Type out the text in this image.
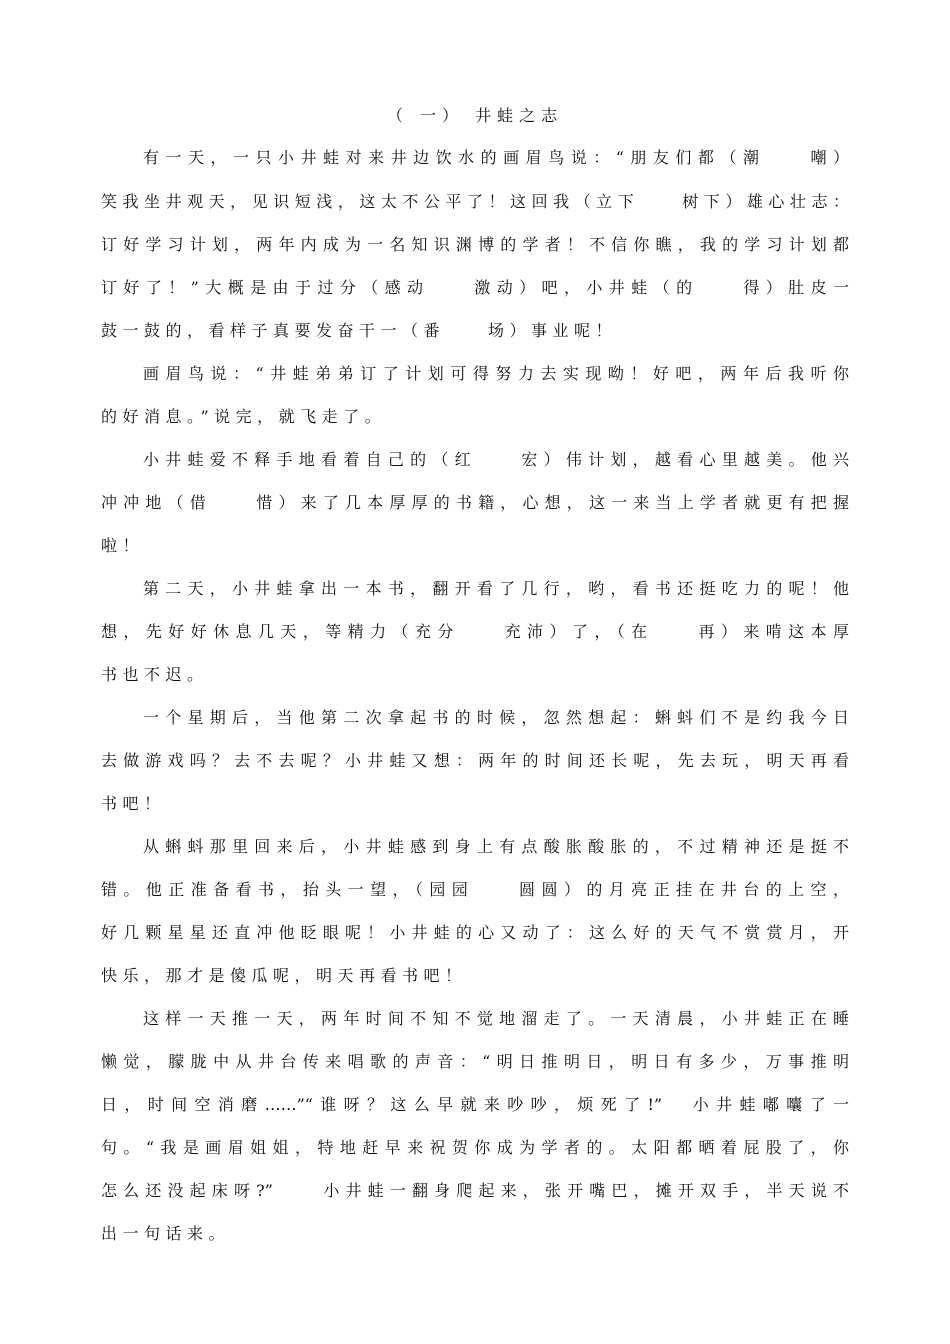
（ 一） 井蛙之志
有一天，一只小井蛙对来井边饮水的画眉鸟说：“朋友们都（潮　　嘲）
笑我坐井观天，见识短浅，这太不公平了！这回我（立下　　树下）雄心壮志：
订好学习计划，两年内成为一名知识渊博的学者！不信你瞧，我的学习计划都
订好了！”大概是由于过分（感动　　激动）吧，小井蛙（的　　得）肚皮一
鼓一鼓的，看样子真要发奋干一（番　　场）事业呢！
画眉鸟说：“井蛙弟弟订了计划可得努力去实现呦！好吧，两年后我听你
的好消息。”说完，就飞走了。
小井蛙爱不释手地看着自己的（红　　宏）伟计划，越看心里越美。他兴
冲冲地（借　　惜）来了几本厚厚的书籍，心想，这一来当上学者就更有把握
啦！
第二天，小井蛙拿出一本书，翻开看了几行，哟，看书还挺吃力的呢！他
想，先好好休息几天，等精力（充分　　充沛）了，（在　　再）来啃这本厚
书也不迟。
一个星期后，当他第二次拿起书的时候，忽然想起：蝌蚪们不是约我今日
去做游戏吗？去不去呢？小井蛙又想：两年的时间还长呢，先去玩，明天再看
书吧！
从蝌蚪那里回来后，小井蛙感到身上有点酸胀酸胀的，不过精神还是挺不
错。他正准备看书，抬头一望，（园园　　圆圆）的月亮正挂在井台的上空，
好几颗星星还直冲他眨眼呢！小井蛙的心又动了：这么好的天气不赏赏月，开
快乐，那才是傻瓜呢，明天再看书吧！
这样一天推一天，两年时间不知不觉地溜走了。一天清晨，小井蛙正在睡
懒觉，朦胧中从井台传来唱歌的声音：“明日推明日，明日有多少，万事推明
日，时间空消磨……”“谁呀？这么早就来吵吵，烦死了!”　小井蛙嘟囔了一
句。“我是画眉姐姐，特地赶早来祝贺你成为学者的。太阳都晒着屁股了，你
怎么还没起床呀?”　　小井蛙一翻身爬起来，张开嘴巴，摊开双手，半天说不
出一句话来。
